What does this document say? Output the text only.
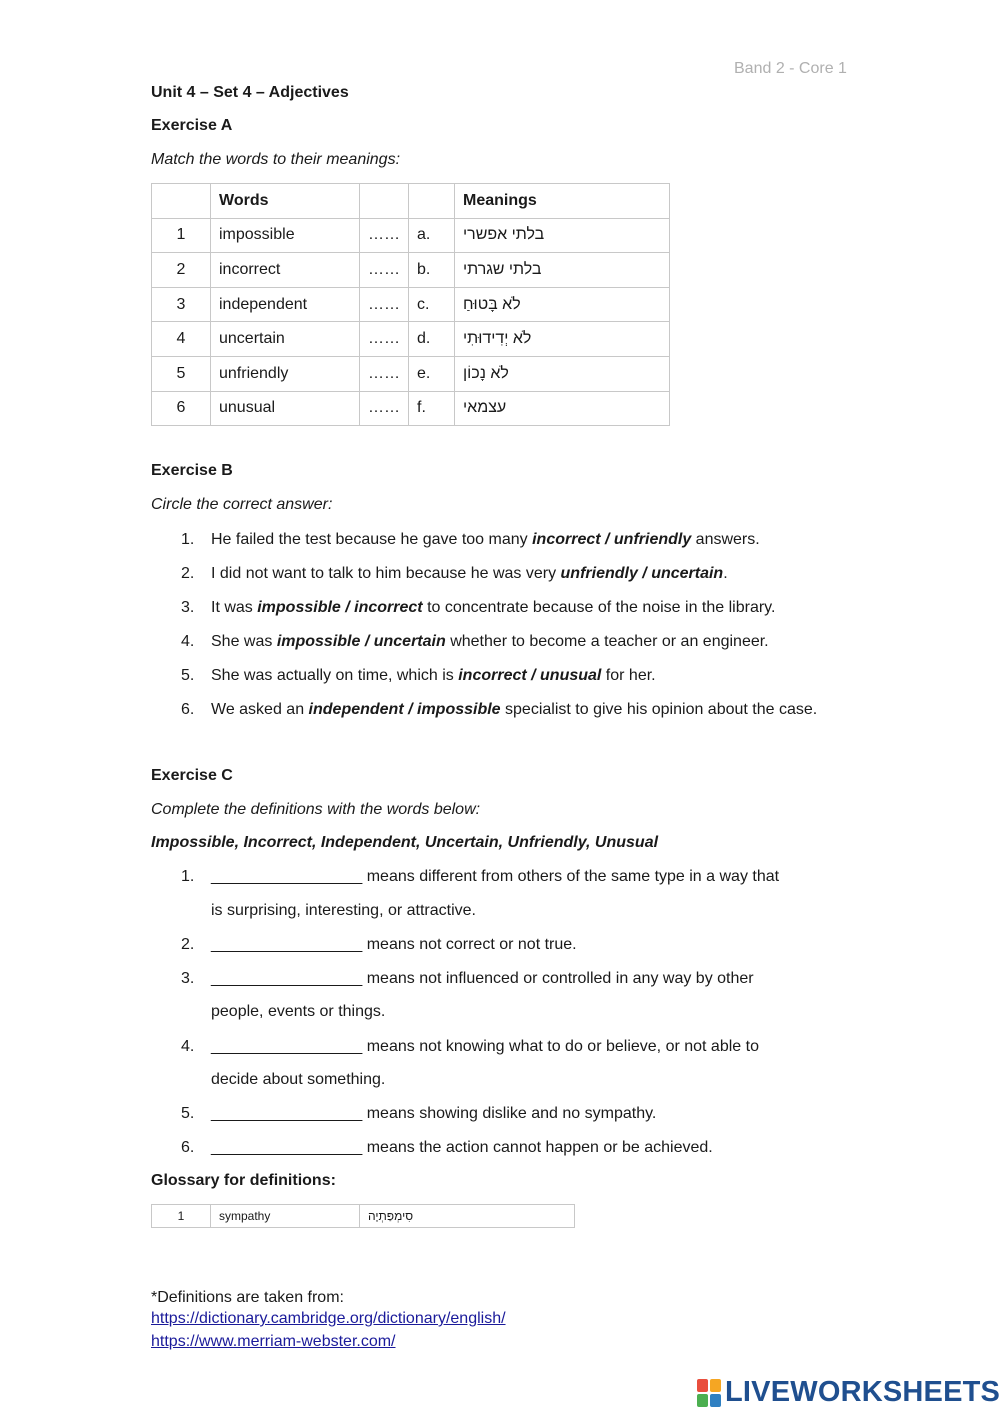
Band 2 - Core 1
Unit 4 – Set 4 – Adjectives
Exercise A
Match the words to their meanings:
	Words			Meanings
1	impossible	……	a.	בלתי אפשרי
2	incorrect	……	b.	בלתי שגרתי
3	independent	……	c.	לֹא בָּטוּחַ
4	uncertain	……	d.	לֹא יְדִידוּתִי
5	unfriendly	……	e.	לֹא נָכוֹן
6	unusual	……	f.	עצמאי
Exercise B
Circle the correct answer:
1. He failed the test because he gave too many incorrect / unfriendly answers.
2. I did not want to talk to him because he was very unfriendly / uncertain.
3. It was impossible / incorrect to concentrate because of the noise in the library.
4. She was impossible / uncertain whether to become a teacher or an engineer.
5. She was actually on time, which is incorrect / unusual for her.
6. We asked an independent / impossible specialist to give his opinion about the case.
Exercise C
Complete the definitions with the words below:
Impossible, Incorrect, Independent, Uncertain, Unfriendly, Unusual
1. _________________ means different from others of the same type in a way that
is surprising, interesting, or attractive.
2. _________________ means not correct or not true.
3. _________________ means not influenced or controlled in any way by other
people, events or things.
4. _________________ means not knowing what to do or believe, or not able to
decide about something.
5. _________________ means showing dislike and no sympathy.
6. _________________ means the action cannot happen or be achieved.
Glossary for definitions:
1	sympathy	סִימְפַּתְיָה
*Definitions are taken from:
https://dictionary.cambridge.org/dictionary/english/
https://www.merriam-webster.com/
LIVEWORKSHEETS
